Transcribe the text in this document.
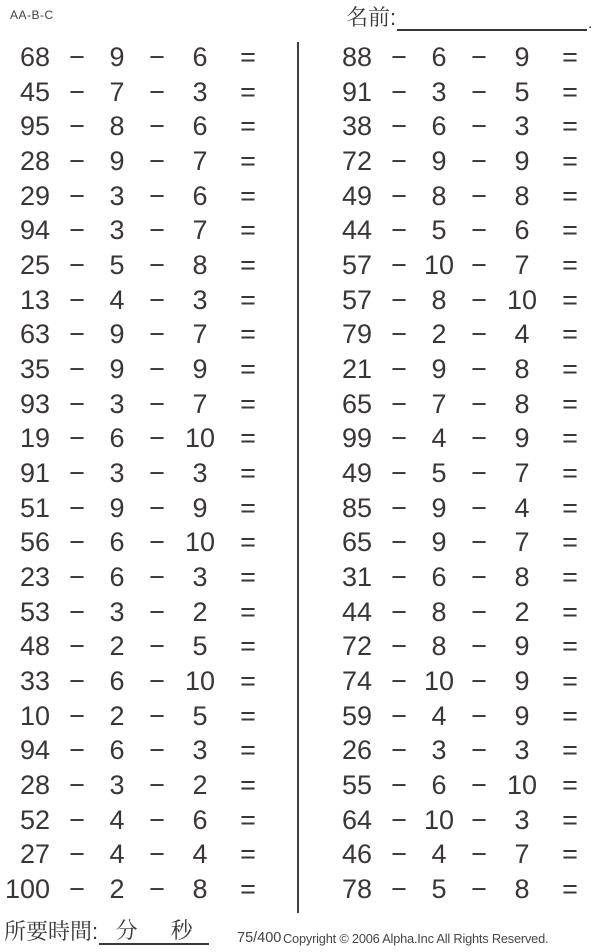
AA-B-C	名前:	.
68 − 9 −	6	=
45 − 7 −	3	=
95 − 8 −	6	=
28 − 9 −	7	=
29 − 3 −	6	=
94 − 3 −	7	=
25 − 5 −	8	=
13 − 4 −	3	=
63 − 9 −	7	=
35 − 9 −	9	=
93 − 3 −	7	=
19 − 6 − 10 =
91 − 3 −	3	=
51 − 9 −	9	=
56 − 6 − 10 =
23 − 6 −	3	=
53 − 3 −	2	=
48 − 2 −	5	=
33 − 6 − 10 =
10 − 2 −	5	=
94 − 6 −	3	=
28 − 3 −	2	=
52 − 4 −	6	=
27 − 4 −	4	=
100 − 2 −	8	=
88 − 6 −	9	=
91 − 3 −	5	=
38 − 6 −	3	=
72 − 9 −	9	=
49 − 8 −	8	=
44 − 5 −	6	=
57 − 10 −	7	=
57 − 8 − 10 =
79 − 2 −	4	=
21 − 9 −	8	=
65 − 7 −	8	=
99 − 4 −	9	=
49 − 5 −	7	=
85 − 9 −	4	=
65 − 9 −	7	=
31 − 6 −	8	=
44 − 8 −	2	=
72 − 8 −	9	=
74 − 10 −	9	=
59 − 4 −	9	=
26 − 3 −	3	=
55 − 6 − 10 =
64 − 10 −	3	=
46 − 4 −	7	=
78 − 5 −	8	=
所要時間: 分 秒	75/400 Copyright © 2006 Alpha.Inc All Rights Reserved.
